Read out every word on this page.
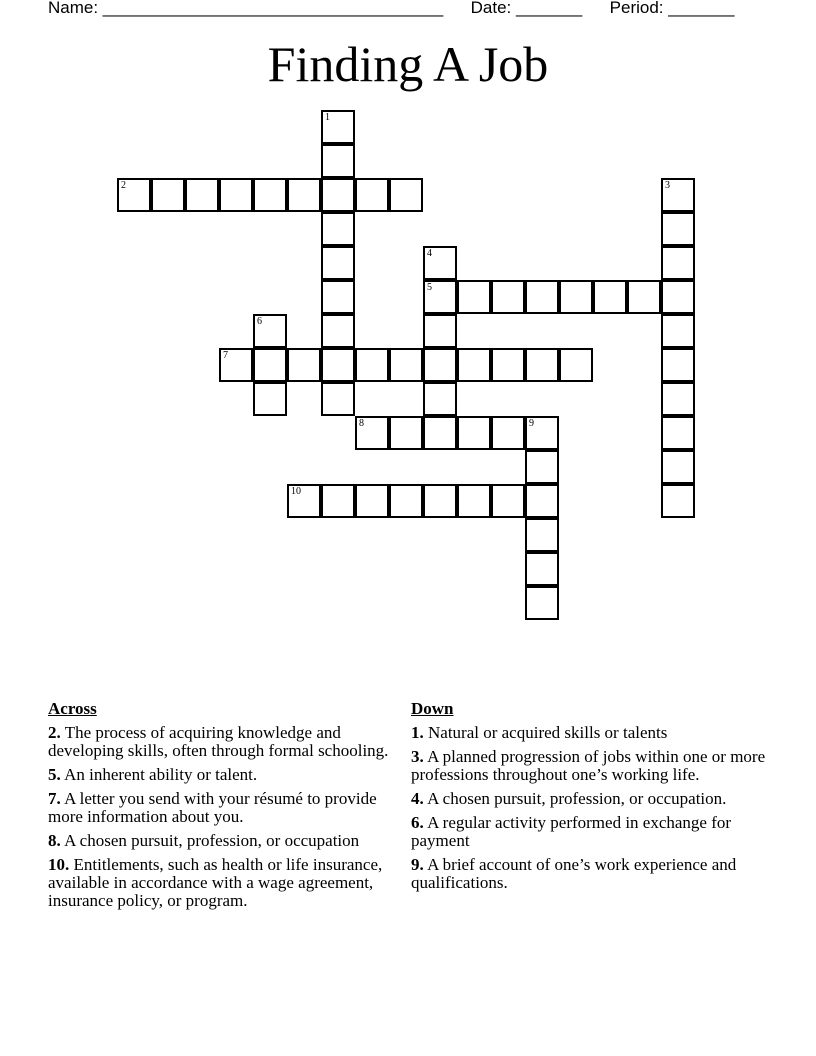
Name: ____________________________________ Date: _______ Period: _______
Finding A Job
1
2	3
4
5
6
7
8	9
10
Across
2. The process of acquiring knowledge and developing skills, often through formal schooling.
5. An inherent ability or talent.
7. A letter you send with your résumé to provide more information about you.
8. A chosen pursuit, profession, or occupation
10. Entitlements, such as health or life insurance, available in accordance with a wage agreement, insurance policy, or program.
Down
1. Natural or acquired skills or talents
3. A planned progression of jobs within one or more professions throughout one’s working life.
4. A chosen pursuit, profession, or occupation.
6. A regular activity performed in exchange for payment
9. A brief account of one’s work experience and qualifications.
